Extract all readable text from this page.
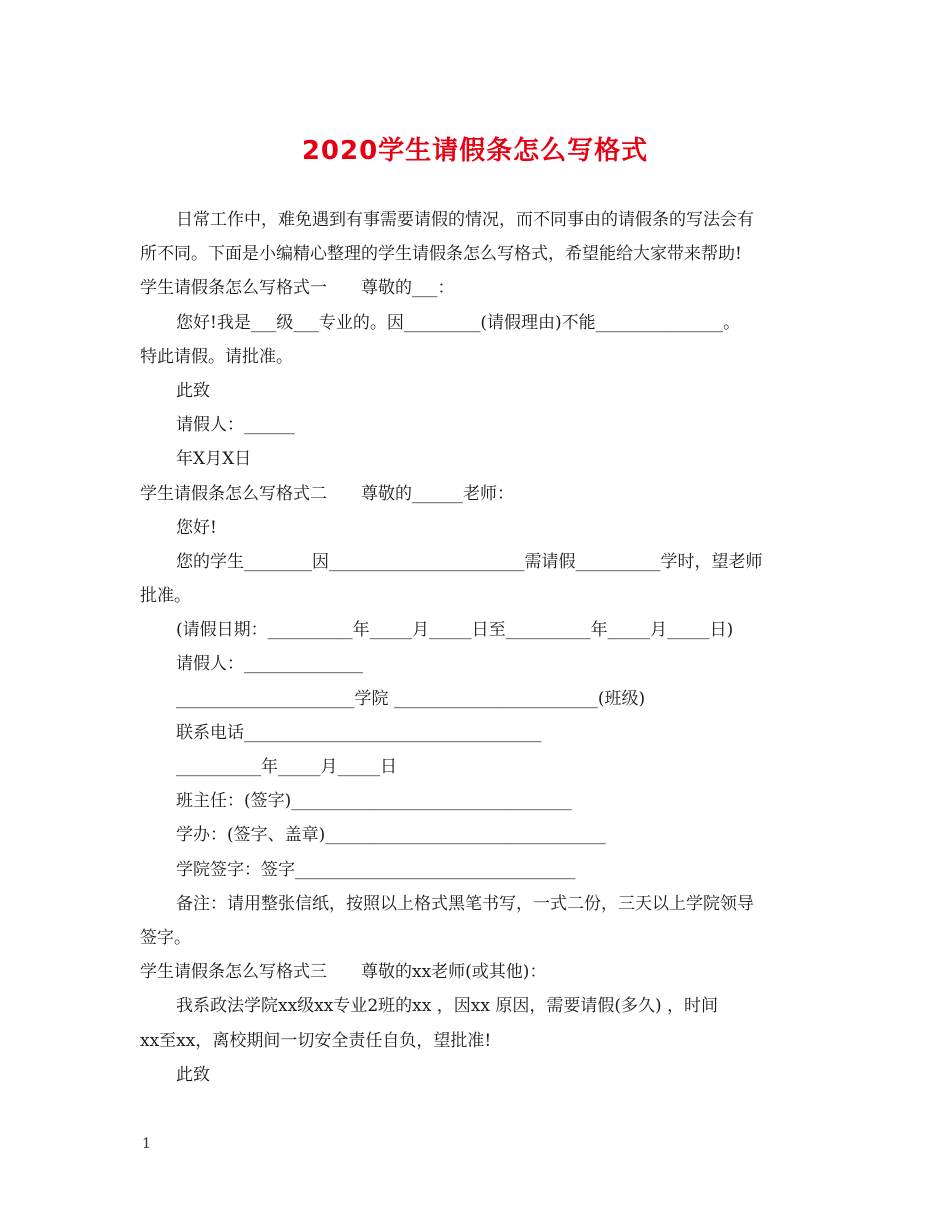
2020学生请假条怎么写格式
日常工作中，难免遇到有事需要请假的情况，而不同事由的请假条的写法会有
所不同。下面是小编精心整理的学生请假条怎么写格式，希望能给大家带来帮助!
学生请假条怎么写格式一　　尊敬的___：
您好!我是___级___专业的。因_________(请假理由)不能_______________。
特此请假。请批准。
此致
请假人：______
年X月X日
学生请假条怎么写格式二　　尊敬的______老师：
您好!
您的学生________因_______________________需请假__________学时，望老师
批准。
(请假日期：__________年_____月_____日至__________年_____月_____日)
请假人：______________
_____________________学院 ________________________(班级)
联系电话___________________________________
__________年_____月_____日
班主任：(签字)_________________________________
学办：(签字、盖章)_________________________________
学院签字：签字_________________________________
备注：请用整张信纸，按照以上格式黑笔书写，一式二份，三天以上学院领导
签字。
学生请假条怎么写格式三　　尊敬的xx老师(或其他)：
我系政法学院xx级xx专业2班的xx ，因xx 原因，需要请假(多久) ，时间
xx至xx，离校期间一切安全责任自负，望批准!
此致
1
